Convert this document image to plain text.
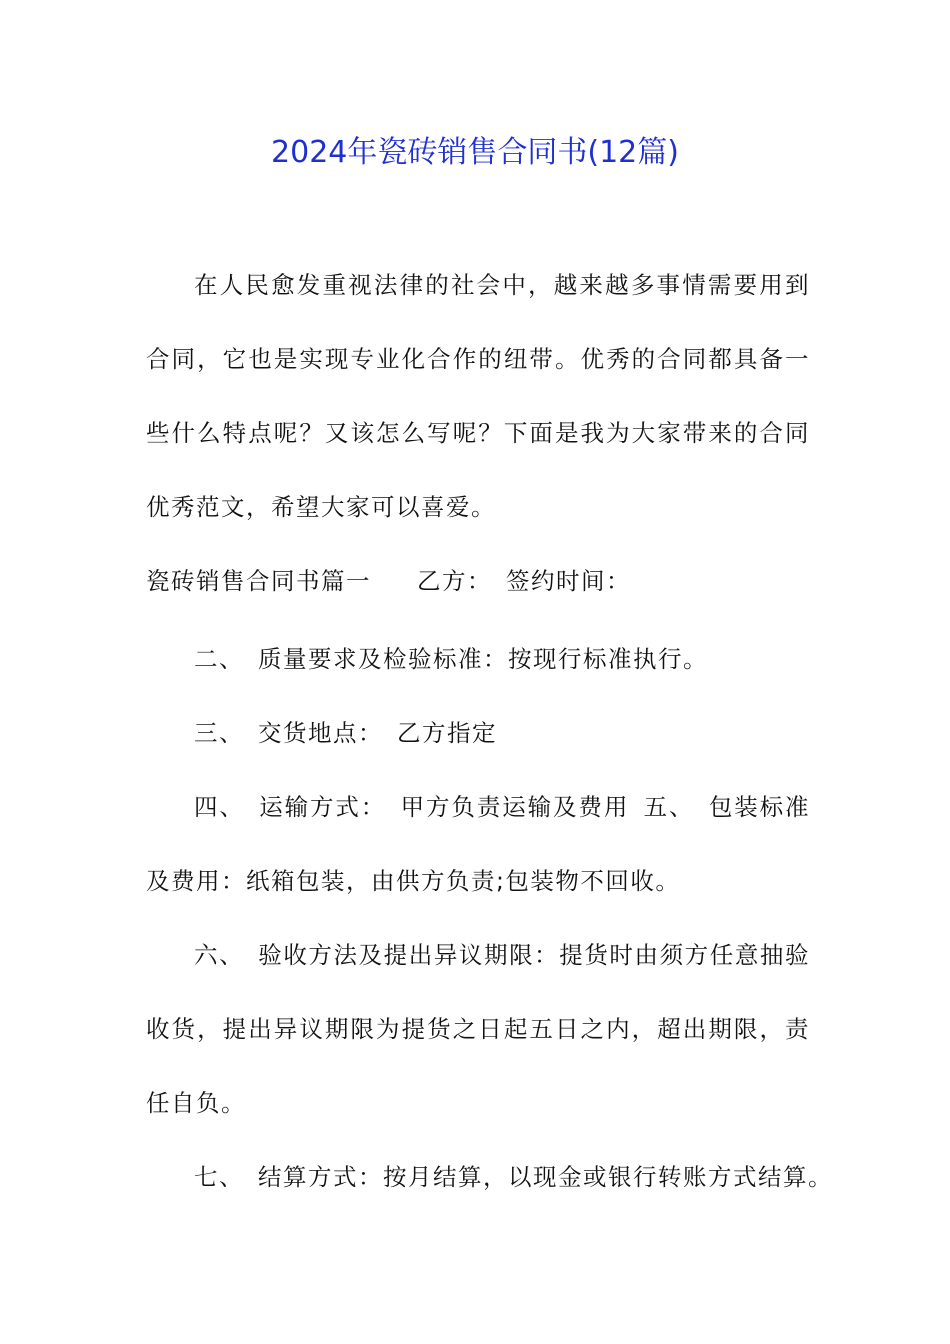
2024年瓷砖销售合同书(12篇)

在人民愈发重视法律的社会中，越来越多事情需要用到合同，它也是实现专业化合作的纽带。优秀的合同都具备一些什么特点呢？又该怎么写呢？下面是我为大家带来的合同优秀范文，希望大家可以喜爱。

瓷砖销售合同书篇一 乙方： 签约时间：
二、 质量要求及检验标准：按现行标准执行。
三、 交货地点： 乙方指定

四、 运输方式： 甲方负责运输及费用 五、 包装标准及费用：纸箱包装，由供方负责;包装物不回收。

六、 验收方法及提出异议期限：提货时由须方任意抽验收货，提出异议期限为提货之日起五日之内，超出期限，责任自负。

七、 结算方式：按月结算，以现金或银行转账方式结算。
